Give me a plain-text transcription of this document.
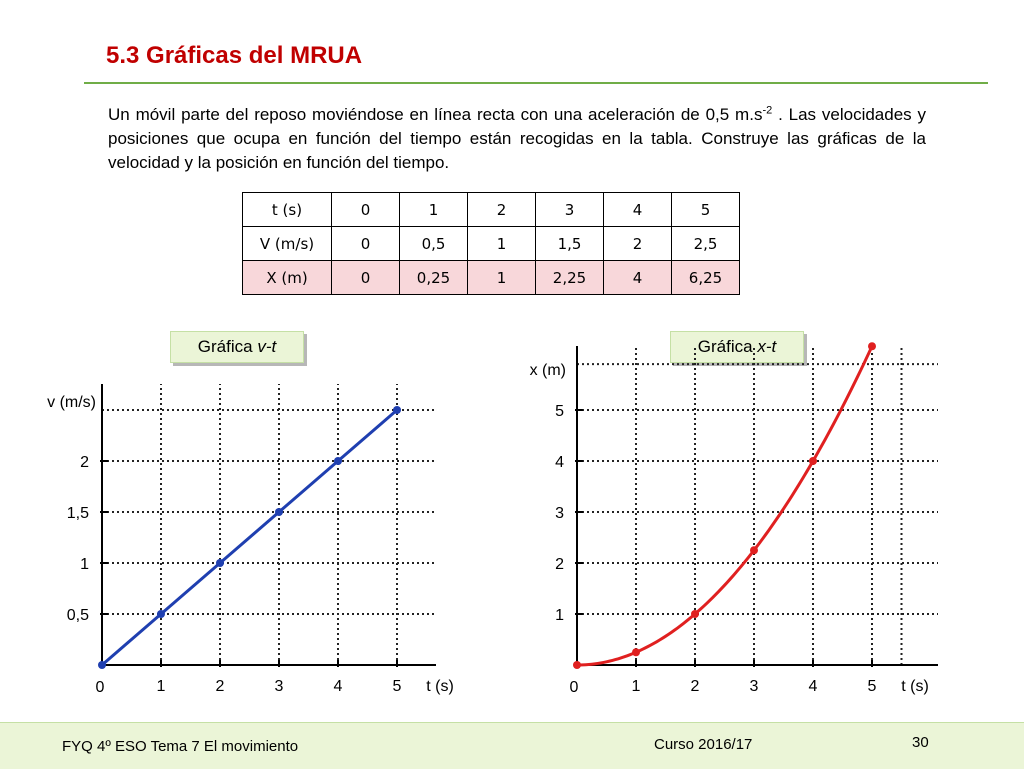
5.3 Gráficas del MRUA
Un móvil parte del reposo moviéndose en línea recta con una aceleración de 0,5 $m.s^{-2}$ . Las velocidades y posiciones que ocupa en función del tiempo están recogidas en la tabla. Construye las gráficas de la velocidad y la posición en función del tiempo.
t (s)	0	1	2	3	4	5
V (m/s)	0	0,5	1	1,5	2	2,5
X (m)	0	0,25	1	2,25	4	6,25
Gráfica v-t	Gráfica x-t
0,5
1
1,5
2
0	1	2	3	4	5
v (m/s)
t (s)
1
2
3
4
5
0	1	2	3	4	5
x (m)
t (s)
FYQ 4º ESO Tema 7 El movimiento	Curso 2016/17	30
